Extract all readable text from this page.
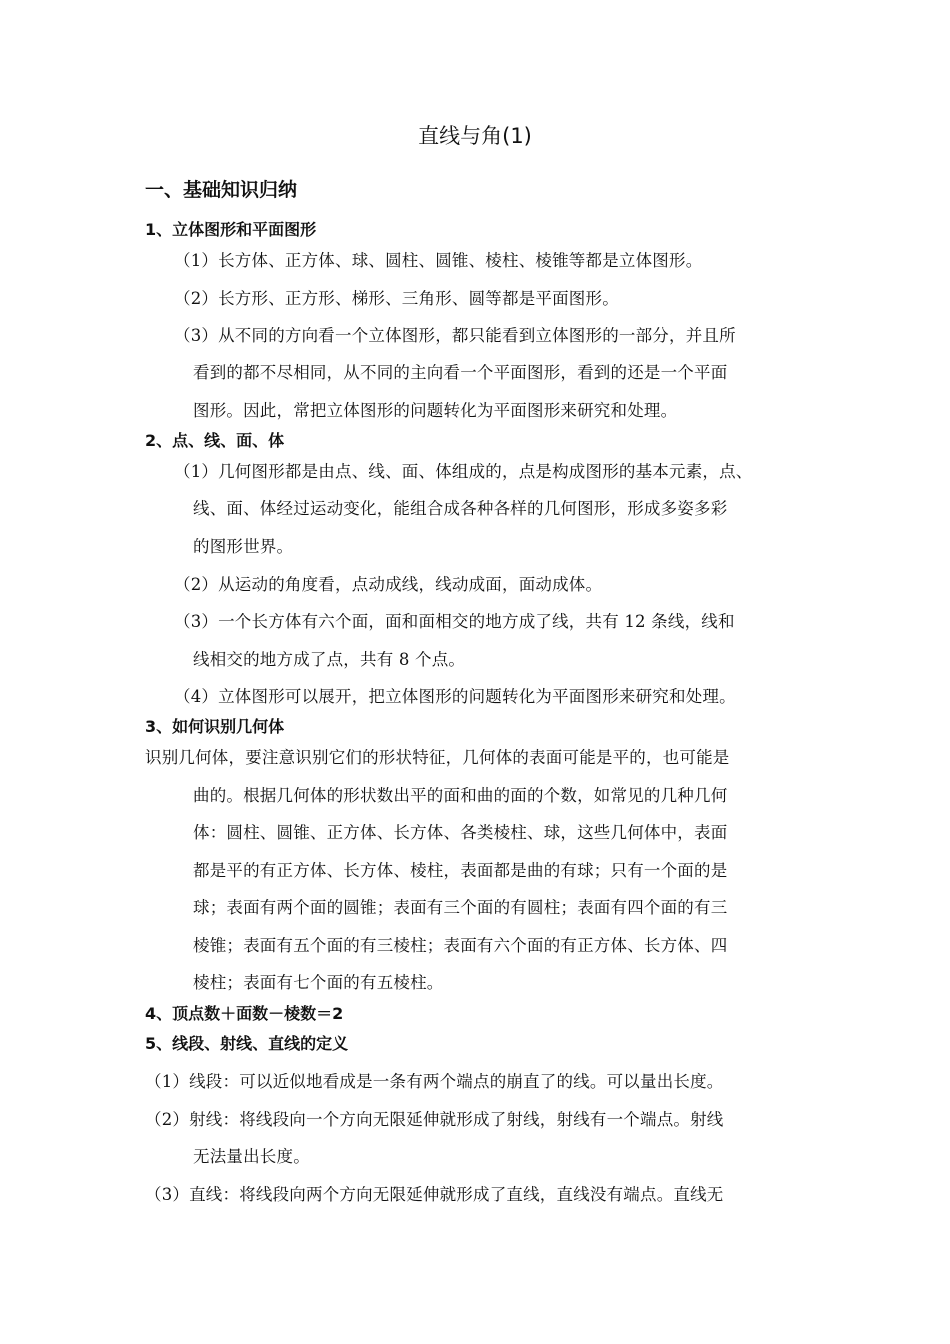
直线与角(1)
一、基础知识归纳
1、立体图形和平面图形
（1）长方体、正方体、球、圆柱、圆锥、棱柱、棱锥等都是立体图形。
（2）长方形、正方形、梯形、三角形、圆等都是平面图形。
（3）从不同的方向看一个立体图形，都只能看到立体图形的一部分，并且所
看到的都不尽相同，从不同的主向看一个平面图形，看到的还是一个平面
图形。因此，常把立体图形的问题转化为平面图形来研究和处理。
2、点、线、面、体
（1）几何图形都是由点、线、面、体组成的，点是构成图形的基本元素，点、
线、面、体经过运动变化，能组合成各种各样的几何图形，形成多姿多彩
的图形世界。
（2）从运动的角度看，点动成线，线动成面，面动成体。
（3）一个长方体有六个面，面和面相交的地方成了线，共有 12 条线，线和
线相交的地方成了点，共有 8 个点。
（4）立体图形可以展开，把立体图形的问题转化为平面图形来研究和处理。
3、如何识别几何体
识别几何体，要注意识别它们的形状特征，几何体的表面可能是平的，也可能是
曲的。根据几何体的形状数出平的面和曲的面的个数，如常见的几种几何
体：圆柱、圆锥、正方体、长方体、各类棱柱、球，这些几何体中，表面
都是平的有正方体、长方体、棱柱，表面都是曲的有球；只有一个面的是
球；表面有两个面的圆锥；表面有三个面的有圆柱；表面有四个面的有三
棱锥；表面有五个面的有三棱柱；表面有六个面的有正方体、长方体、四
棱柱；表面有七个面的有五棱柱。
4、顶点数＋面数－棱数＝2
5、线段、射线、直线的定义
（1）线段：可以近似地看成是一条有两个端点的崩直了的线。可以量出长度。
（2）射线：将线段向一个方向无限延伸就形成了射线，射线有一个端点。射线
无法量出长度。
（3）直线：将线段向两个方向无限延伸就形成了直线，直线没有端点。直线无
